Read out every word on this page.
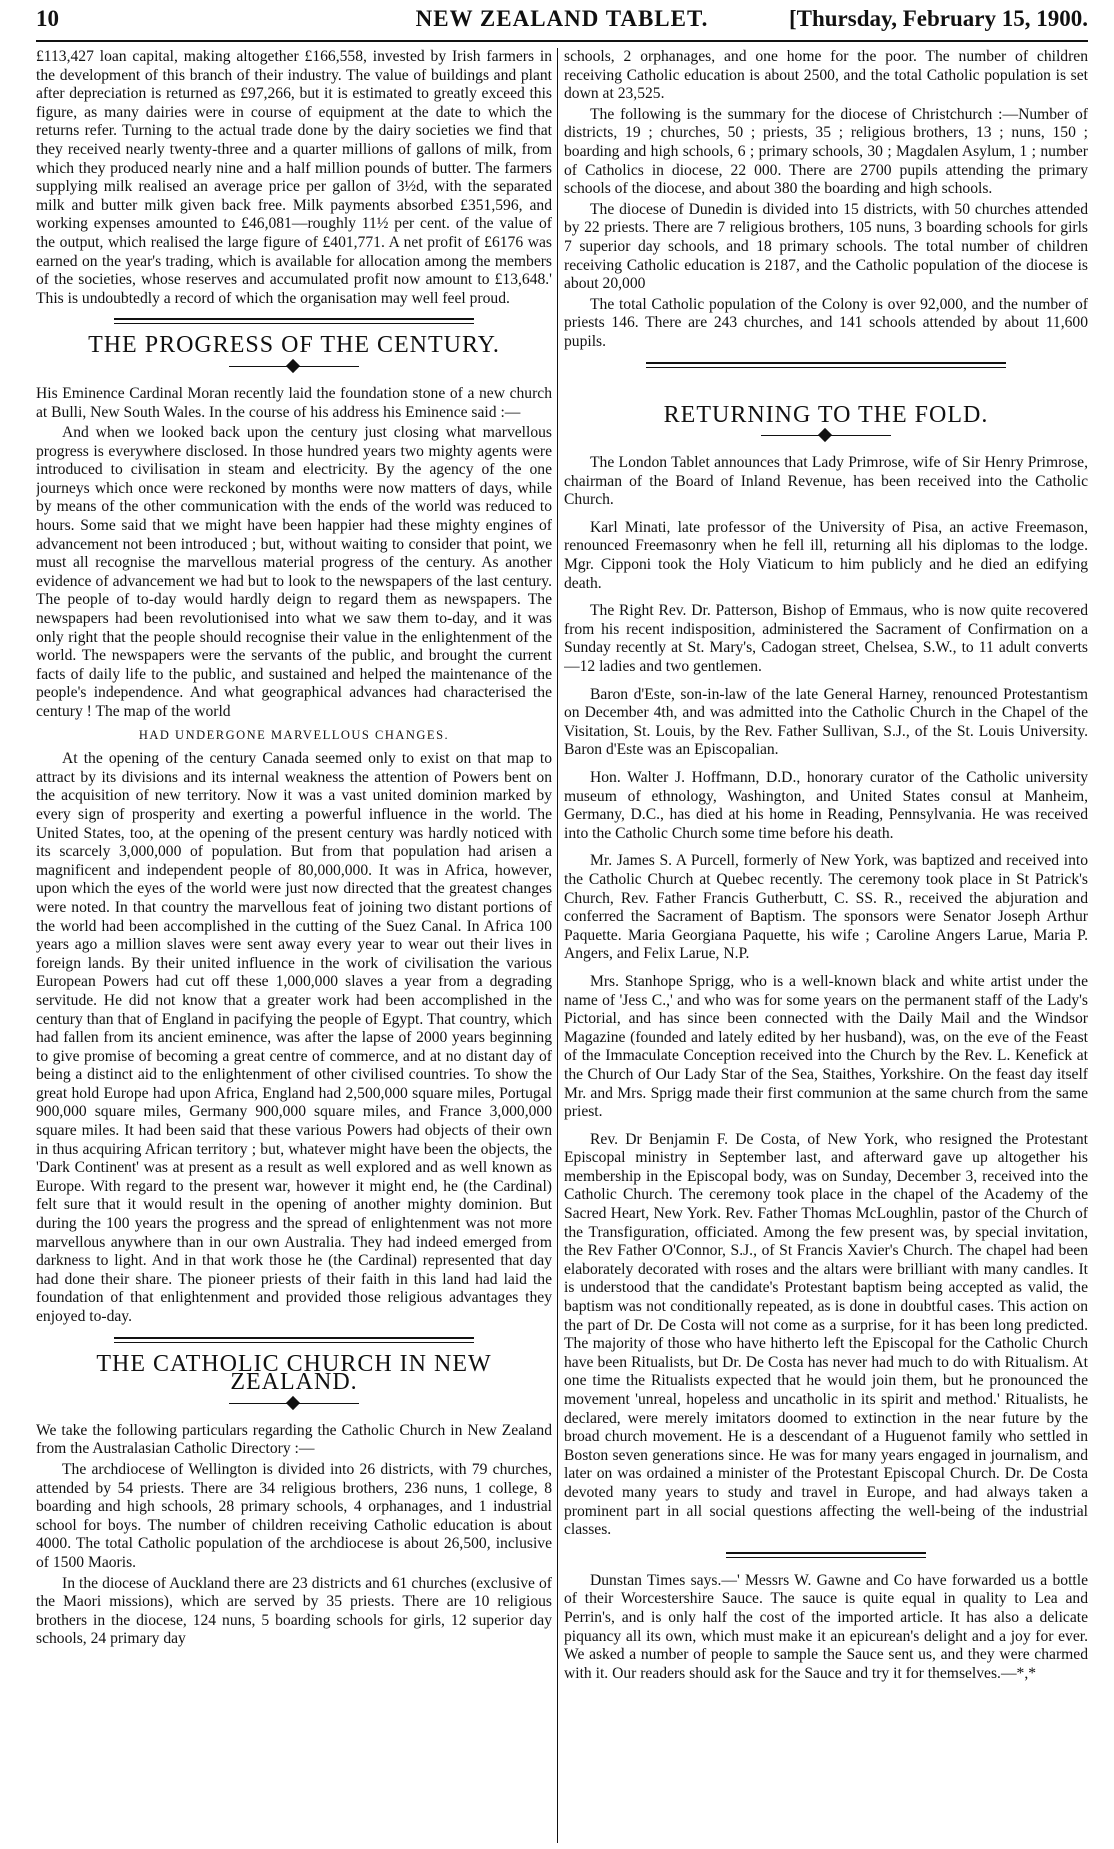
10	NEW ZEALAND TABLET.	[Thursday, February 15, 1900.

£113,427 loan capital, making altogether £166,558, invested by Irish farmers in the development of this branch of their industry. The value of buildings and plant after depreciation is returned as £97,266, but it is estimated to greatly exceed this figure, as many dairies were in course of equipment at the date to which the returns refer. Turning to the actual trade done by the dairy societies we find that they received nearly twenty-three and a quarter millions of gallons of milk, from which they produced nearly nine and a half million pounds of butter. The farmers supplying milk realised an average price per gallon of 3½d, with the separated milk and butter milk given back free. Milk payments absorbed £351,596, and working expenses amounted to £46,081—roughly 11½ per cent. of the value of the output, which realised the large figure of £401,771. A net profit of £6176 was earned on the year's trading, which is available for allocation among the members of the societies, whose reserves and accumulated profit now amount to £13,648.' This is undoubtedly a record of which the organisation may well feel proud.

THE PROGRESS OF THE CENTURY.

His Eminence Cardinal Moran recently laid the foundation stone of a new church at Bulli, New South Wales. In the course of his address his Eminence said :—

And when we looked back upon the century just closing what marvellous progress is everywhere disclosed. In those hundred years two mighty agents were introduced to civilisation in steam and electricity. By the agency of the one journeys which once were reckoned by months were now matters of days, while by means of the other communication with the ends of the world was reduced to hours. Some said that we might have been happier had these mighty engines of advancement not been introduced ; but, without waiting to consider that point, we must all recognise the marvellous material progress of the century. As another evidence of advancement we had but to look to the newspapers of the last century. The people of to-day would hardly deign to regard them as newspapers. The newspapers had been revolutionised into what we saw them to-day, and it was only right that the people should recognise their value in the enlightenment of the world. The newspapers were the servants of the public, and brought the current facts of daily life to the public, and sustained and helped the maintenance of the people's independence. And what geographical advances had characterised the century ! The map of the world

HAD UNDERGONE MARVELLOUS CHANGES.

At the opening of the century Canada seemed only to exist on that map to attract by its divisions and its internal weakness the attention of Powers bent on the acquisition of new territory. Now it was a vast united dominion marked by every sign of prosperity and exerting a powerful influence in the world. The United States, too, at the opening of the present century was hardly noticed with its scarcely 3,000,000 of population. But from that population had arisen a magnificent and independent people of 80,000,000. It was in Africa, however, upon which the eyes of the world were just now directed that the greatest changes were noted. In that country the marvellous feat of joining two distant portions of the world had been accomplished in the cutting of the Suez Canal. In Africa 100 years ago a million slaves were sent away every year to wear out their lives in foreign lands. By their united influence in the work of civilisation the various European Powers had cut off these 1,000,000 slaves a year from a degrading servitude. He did not know that a greater work had been accomplished in the century than that of England in pacifying the people of Egypt. That country, which had fallen from its ancient eminence, was after the lapse of 2000 years beginning to give promise of becoming a great centre of commerce, and at no distant day of being a distinct aid to the enlightenment of other civilised countries. To show the great hold Europe had upon Africa, England had 2,500,000 square miles, Portugal 900,000 square miles, Germany 900,000 square miles, and France 3,000,000 square miles. It had been said that these various Powers had objects of their own in thus acquiring African territory ; but, whatever might have been the objects, the 'Dark Continent' was at present as a result as well explored and as well known as Europe. With regard to the present war, however it might end, he (the Cardinal) felt sure that it would result in the opening of another mighty dominion. But during the 100 years the progress and the spread of enlightenment was not more marvellous anywhere than in our own Australia. They had indeed emerged from darkness to light. And in that work those he (the Cardinal) represented that day had done their share. The pioneer priests of their faith in this land had laid the foundation of that enlightenment and provided those religious advantages they enjoyed to-day.

THE CATHOLIC CHURCH IN NEW ZEALAND.

We take the following particulars regarding the Catholic Church in New Zealand from the Australasian Catholic Directory :—

The archdiocese of Wellington is divided into 26 districts, with 79 churches, attended by 54 priests. There are 34 religious brothers, 236 nuns, 1 college, 8 boarding and high schools, 28 primary schools, 4 orphanages, and 1 industrial school for boys. The number of children receiving Catholic education is about 4000. The total Catholic population of the archdiocese is about 26,500, inclusive of 1500 Maoris.

In the diocese of Auckland there are 23 districts and 61 churches (exclusive of the Maori missions), which are served by 35 priests. There are 10 religious brothers in the diocese, 124 nuns, 5 boarding schools for girls, 12 superior day schools, 24 primary day

schools, 2 orphanages, and one home for the poor. The number of children receiving Catholic education is about 2500, and the total Catholic population is set down at 23,525.

The following is the summary for the diocese of Christchurch :—Number of districts, 19 ; churches, 50 ; priests, 35 ; religious brothers, 13 ; nuns, 150 ; boarding and high schools, 6 ; primary schools, 30 ; Magdalen Asylum, 1 ; number of Catholics in diocese, 22 000. There are 2700 pupils attending the primary schools of the diocese, and about 380 the boarding and high schools.

The diocese of Dunedin is divided into 15 districts, with 50 churches attended by 22 priests. There are 7 religious brothers, 105 nuns, 3 boarding schools for girls 7 superior day schools, and 18 primary schools. The total number of children receiving Catholic education is 2187, and the Catholic population of the diocese is about 20,000

The total Catholic population of the Colony is over 92,000, and the number of priests 146. There are 243 churches, and 141 schools attended by about 11,600 pupils.

RETURNING TO THE FOLD.

The London Tablet announces that Lady Primrose, wife of Sir Henry Primrose, chairman of the Board of Inland Revenue, has been received into the Catholic Church.

Karl Minati, late professor of the University of Pisa, an active Freemason, renounced Freemasonry when he fell ill, returning all his diplomas to the lodge. Mgr. Cipponi took the Holy Viaticum to him publicly and he died an edifying death.

The Right Rev. Dr. Patterson, Bishop of Emmaus, who is now quite recovered from his recent indisposition, administered the Sacrament of Confirmation on a Sunday recently at St. Mary's, Cadogan street, Chelsea, S.W., to 11 adult converts—12 ladies and two gentlemen.

Baron d'Este, son-in-law of the late General Harney, renounced Protestantism on December 4th, and was admitted into the Catholic Church in the Chapel of the Visitation, St. Louis, by the Rev. Father Sullivan, S.J., of the St. Louis University. Baron d'Este was an Episcopalian.

Hon. Walter J. Hoffmann, D.D., honorary curator of the Catholic university museum of ethnology, Washington, and United States consul at Manheim, Germany, D.C., has died at his home in Reading, Pennsylvania. He was received into the Catholic Church some time before his death.

Mr. James S. A Purcell, formerly of New York, was baptized and received into the Catholic Church at Quebec recently. The ceremony took place in St Patrick's Church, Rev. Father Francis Gutherbutt, C. SS. R., received the abjuration and conferred the Sacrament of Baptism. The sponsors were Senator Joseph Arthur Paquette. Maria Georgiana Paquette, his wife ; Caroline Angers Larue, Maria P. Angers, and Felix Larue, N.P.

Mrs. Stanhope Sprigg, who is a well-known black and white artist under the name of 'Jess C.,' and who was for some years on the permanent staff of the Lady's Pictorial, and has since been connected with the Daily Mail and the Windsor Magazine (founded and lately edited by her husband), was, on the eve of the Feast of the Immaculate Conception received into the Church by the Rev. L. Kenefick at the Church of Our Lady Star of the Sea, Staithes, Yorkshire. On the feast day itself Mr. and Mrs. Sprigg made their first communion at the same church from the same priest.

Rev. Dr Benjamin F. De Costa, of New York, who resigned the Protestant Episcopal ministry in September last, and afterward gave up altogether his membership in the Episcopal body, was on Sunday, December 3, received into the Catholic Church. The ceremony took place in the chapel of the Academy of the Sacred Heart, New York. Rev. Father Thomas McLoughlin, pastor of the Church of the Transfiguration, officiated. Among the few present was, by special invitation, the Rev Father O'Connor, S.J., of St Francis Xavier's Church. The chapel had been elaborately decorated with roses and the altars were brilliant with many candles. It is understood that the candidate's Protestant baptism being accepted as valid, the baptism was not conditionally repeated, as is done in doubtful cases. This action on the part of Dr. De Costa will not come as a surprise, for it has been long predicted. The majority of those who have hitherto left the Episcopal for the Catholic Church have been Ritualists, but Dr. De Costa has never had much to do with Ritualism. At one time the Ritualists expected that he would join them, but he pronounced the movement 'unreal, hopeless and uncatholic in its spirit and method.' Ritualists, he declared, were merely imitators doomed to extinction in the near future by the broad church movement. He is a descendant of a Huguenot family who settled in Boston seven generations since. He was for many years engaged in journalism, and later on was ordained a minister of the Protestant Episcopal Church. Dr. De Costa devoted many years to study and travel in Europe, and had always taken a prominent part in all social questions affecting the well-being of the industrial classes.

Dunstan Times says.—' Messrs W. Gawne and Co have forwarded us a bottle of their Worcestershire Sauce. The sauce is quite equal in quality to Lea and Perrin's, and is only half the cost of the imported article. It has also a delicate piquancy all its own, which must make it an epicurean's delight and a joy for ever. We asked a number of people to sample the Sauce sent us, and they were charmed with it. Our readers should ask for the Sauce and try it for themselves.—*,*
